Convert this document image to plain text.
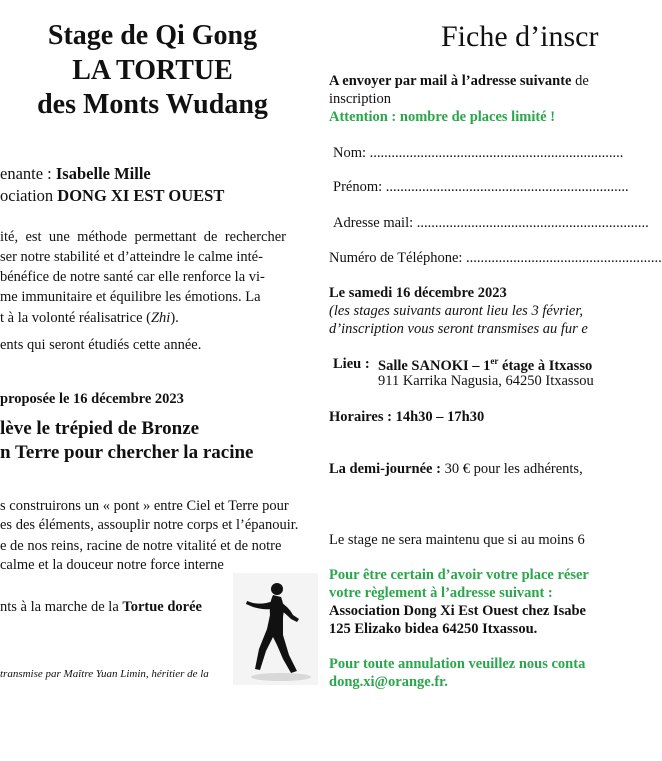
Stage de Qi Gong
LA TORTUE
des Monts Wudang
enante : Isabelle Mille
ociation DONG XI EST OUEST
ité, est une méthode permettant de rechercher
ser notre stabilité et d’atteindre le calme inté-
bénéfice de notre santé car elle renforce la vi-
me immunitaire et équilibre les émotions. La
t à la volonté réalisatrice (Zhi).
ents qui seront étudiés cette année.
proposée le 16 décembre 2023
lève le trépied de Bronze
n Terre pour chercher la racine
s construirons un « pont » entre Ciel et Terre pour
es des éléments, assouplir notre corps et l’épanouir.
e de nos reins, racine de notre vitalité et de notre
calme et la douceur notre force interne
nts à la marche de la Tortue dorée
transmise par Maître Yuan Limin, héritier de la
Fiche d’inscr
A envoyer par mail à l’adresse suivante de
inscription
Attention : nombre de places limité !
Nom: ......................................................................
Prénom: ...................................................................
Adresse mail: ................................................................
Numéro de Téléphone: ......................................................
Le samedi 16 décembre 2023
(les stages suivants auront lieu les 3 février,
d’inscription vous seront transmises au fur e
Lieu : Salle SANOKI – 1er étage à Itxasso
911 Karrika Nagusia, 64250 Itxassou
Horaires : 14h30 – 17h30
La demi-journée : 30 € pour les adhérents,
Le stage ne sera maintenu que si au moins 6
Pour être certain d’avoir votre place réser
votre règlement à l’adresse suivant :
Association Dong Xi Est Ouest chez Isabe
125 Elizako bidea 64250 Itxassou.
Pour toute annulation veuillez nous conta
dong.xi@orange.fr.
